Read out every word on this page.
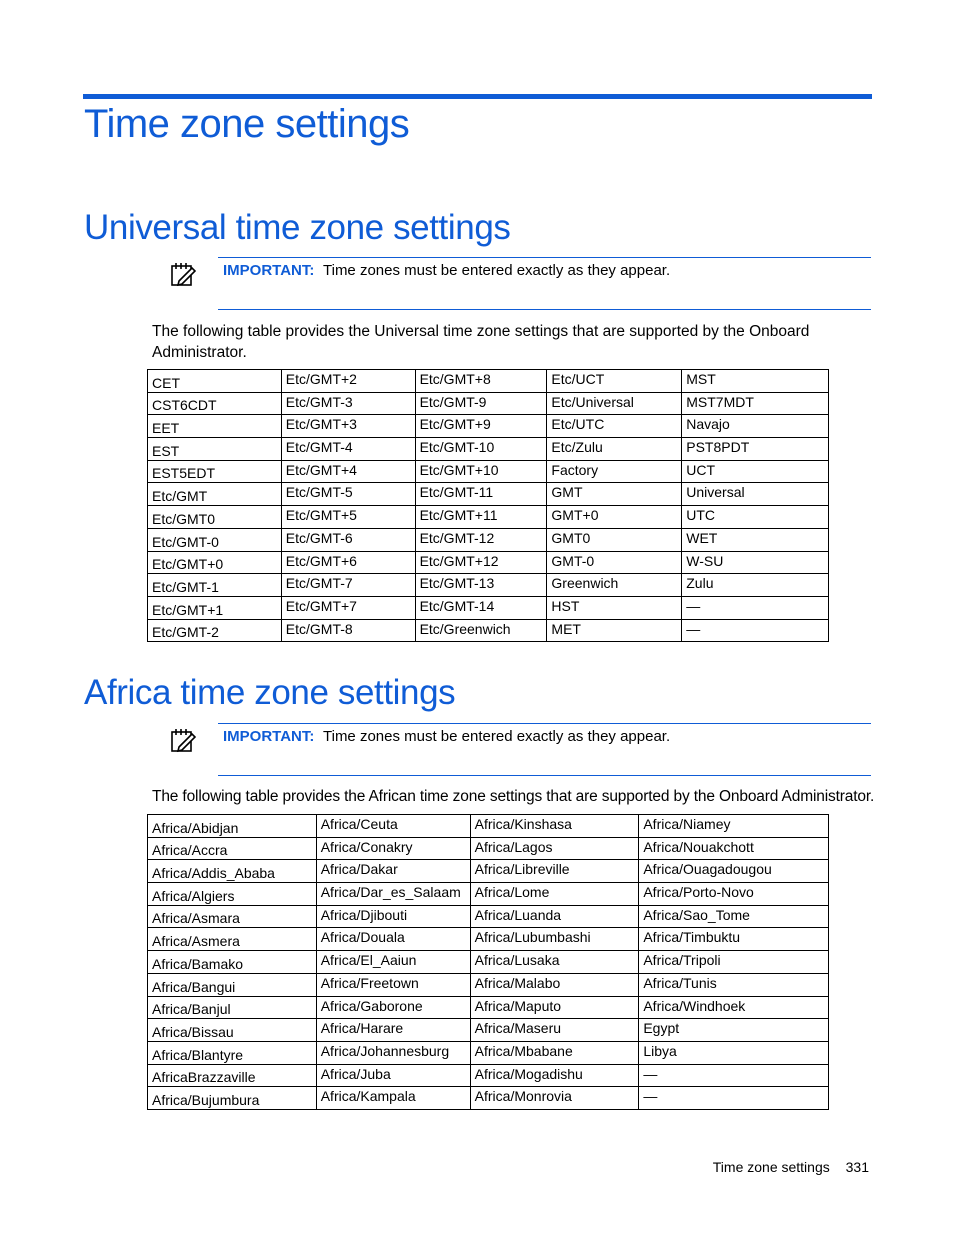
Time zone settings
Universal time zone settings
IMPORTANT: Time zones must be entered exactly as they appear.

The following table provides the Universal time zone settings that are supported by the Onboard Administrator.

CET	Etc/GMT+2	Etc/GMT+8	Etc/UCT	MST
CST6CDT	Etc/GMT-3	Etc/GMT-9	Etc/Universal	MST7MDT
EET	Etc/GMT+3	Etc/GMT+9	Etc/UTC	Navajo
EST	Etc/GMT-4	Etc/GMT-10	Etc/Zulu	PST8PDT
EST5EDT	Etc/GMT+4	Etc/GMT+10	Factory	UCT
Etc/GMT	Etc/GMT-5	Etc/GMT-11	GMT	Universal
Etc/GMT0	Etc/GMT+5	Etc/GMT+11	GMT+0	UTC
Etc/GMT-0	Etc/GMT-6	Etc/GMT-12	GMT0	WET
Etc/GMT+0	Etc/GMT+6	Etc/GMT+12	GMT-0	W-SU
Etc/GMT-1	Etc/GMT-7	Etc/GMT-13	Greenwich	Zulu
Etc/GMT+1	Etc/GMT+7	Etc/GMT-14	HST	—
Etc/GMT-2	Etc/GMT-8	Etc/Greenwich	MET	—
Africa time zone settings
IMPORTANT: Time zones must be entered exactly as they appear.

The following table provides the African time zone settings that are supported by the Onboard Administrator.

Africa/Abidjan	Africa/Ceuta	Africa/Kinshasa	Africa/Niamey
Africa/Accra	Africa/Conakry	Africa/Lagos	Africa/Nouakchott
Africa/Addis_Ababa	Africa/Dakar	Africa/Libreville	Africa/Ouagadougou
Africa/Algiers	Africa/Dar_es_Salaam	Africa/Lome	Africa/Porto-Novo
Africa/Asmara	Africa/Djibouti	Africa/Luanda	Africa/Sao_Tome
Africa/Asmera	Africa/Douala	Africa/Lubumbashi	Africa/Timbuktu
Africa/Bamako	Africa/El_Aaiun	Africa/Lusaka	Africa/Tripoli
Africa/Bangui	Africa/Freetown	Africa/Malabo	Africa/Tunis
Africa/Banjul	Africa/Gaborone	Africa/Maputo	Africa/Windhoek
Africa/Bissau	Africa/Harare	Africa/Maseru	Egypt
Africa/Blantyre	Africa/Johannesburg	Africa/Mbabane	Libya
AfricaBrazzaville	Africa/Juba	Africa/Mogadishu	—
Africa/Bujumbura	Africa/Kampala	Africa/Monrovia	—
Time zone settings 331
